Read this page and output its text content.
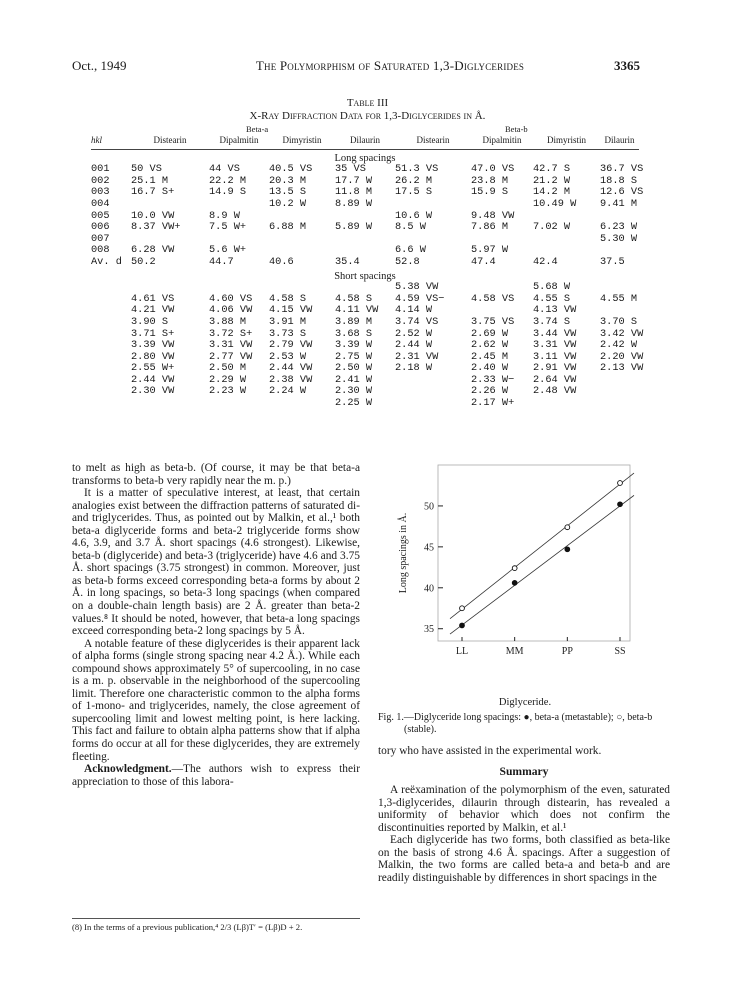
Oct., 1949	The Polymorphism of Saturated 1,3-Diglycerides	3365
Table III
X-Ray Diffraction Data for 1,3-Diglycerides in Å.
Beta-a	Beta-b
hkl	Distearin	Dipalmitin	Dimyristin	Dilaurin	Distearin	Dipalmitin	Dimyristin	Dilaurin

Long spacings								
001	50 VS	44 VS	40.5 VS	35 VS	51.3 VS	47.0 VS	42.7 S	36.7 VS
002	25.1 M	22.2 M	20.3 M	17.7 W	26.2 M	23.8 M	21.2 W	18.8 S
003	16.7 S+	14.9 S	13.5 S	11.8 M	17.5 S	15.9 S	14.2 M	12.6 VS
004			10.2 W	8.89 W			10.49 W	9.41 M
005	10.0 VW	8.9 W			10.6 W	9.48 VW		
006	8.37 VW+	7.5 W+	6.88 M	5.89 W	8.5 W	7.86 M	7.02 W	6.23 W
007								5.30 W
008	6.28 VW	5.6 W+			6.6 W	5.97 W		
Av. d	50.2	44.7	40.6	35.4	52.8	47.4	42.4	37.5
Short spacings								
					5.38 VW		5.68 W	
	4.61 VS	4.60 VS	4.58 S	4.58 S	4.59 VS−	4.58 VS	4.55 S	4.55 M
	4.21 VW	4.06 VW	4.15 VW	4.11 VW	4.14 W		4.13 VW	
	3.90 S	3.88 M	3.91 M	3.89 M	3.74 VS	3.75 VS	3.74 S	3.70 S
	3.71 S+	3.72 S+	3.73 S	3.68 S	2.52 W	2.69 W	3.44 VW	3.42 VW
	3.39 VW	3.31 VW	2.79 VW	3.39 W	2.44 W	2.62 W	3.31 VW	2.42 W
	2.80 VW	2.77 VW	2.53 W	2.75 W	2.31 VW	2.45 M	3.11 VW	2.20 VW
	2.55 W+	2.50 M	2.44 VW	2.50 W	2.18 W	2.40 W	2.91 VW	2.13 VW
	2.44 VW	2.29 W	2.38 VW	2.41 W		2.33 W−	2.64 VW	
	2.30 VW	2.23 W	2.24 W	2.30 W		2.26 W	2.48 VW	
				2.25 W		2.17 W+		

to melt as high as beta-b. (Of course, it may be that beta-a transforms to beta-b very rapidly near the m. p.)

It is a matter of speculative interest, at least, that certain analogies exist between the diffraction patterns of saturated di- and triglycerides. Thus, as pointed out by Malkin, et al.,¹ both beta-a diglyceride forms and beta-2 triglyceride forms show 4.6, 3.9, and 3.7 Å. short spacings (4.6 strongest). Likewise, beta-b (diglyceride) and beta-3 (triglyceride) have 4.6 and 3.75 Å. short spacings (3.75 strongest) in common. Moreover, just as beta-b forms exceed corresponding beta-a forms by about 2 Å. in long spacings, so beta-3 long spacings (when compared on a double-chain length basis) are 2 Å. greater than beta-2 values.⁸ It should be noted, however, that beta-a long spacings exceed corresponding beta-2 long spacings by 5 Å.

A notable feature of these diglycerides is their apparent lack of alpha forms (single strong spacing near 4.2 Å.). While each compound shows approximately 5° of supercooling, in no case is a m. p. observable in the neighborhood of the supercooling limit. Therefore one characteristic common to the alpha forms of 1-mono- and triglycerides, namely, the close agreement of supercooling limit and lowest melting point, is here lacking. This fact and failure to obtain alpha patterns show that if alpha forms do occur at all for these diglycerides, they are extremely fleeting.

Acknowledgment.—The authors wish to express their appreciation to those of this labora-

(8) In the terms of a previous publication,⁴ 2/3 (Lβ)T′ = (Lβ)D + 2.
35
40
45
50
LL	MM	PP	SS
Long spacings in Å.
Diglyceride.
Fig. 1.—Diglyceride long spacings: ●, beta-a (metastable); ○, beta-b (stable).

tory who have assisted in the experimental work.

Summary

A reëxamination of the polymorphism of the even, saturated 1,3-diglycerides, dilaurin through distearin, has revealed a uniformity of behavior which does not confirm the discontinuities reported by Malkin, et al.¹

Each diglyceride has two forms, both classified as beta-like on the basis of strong 4.6 Å. spacings. After a suggestion of Malkin, the two forms are called beta-a and beta-b and are readily distinguishable by differences in short spacings in the
